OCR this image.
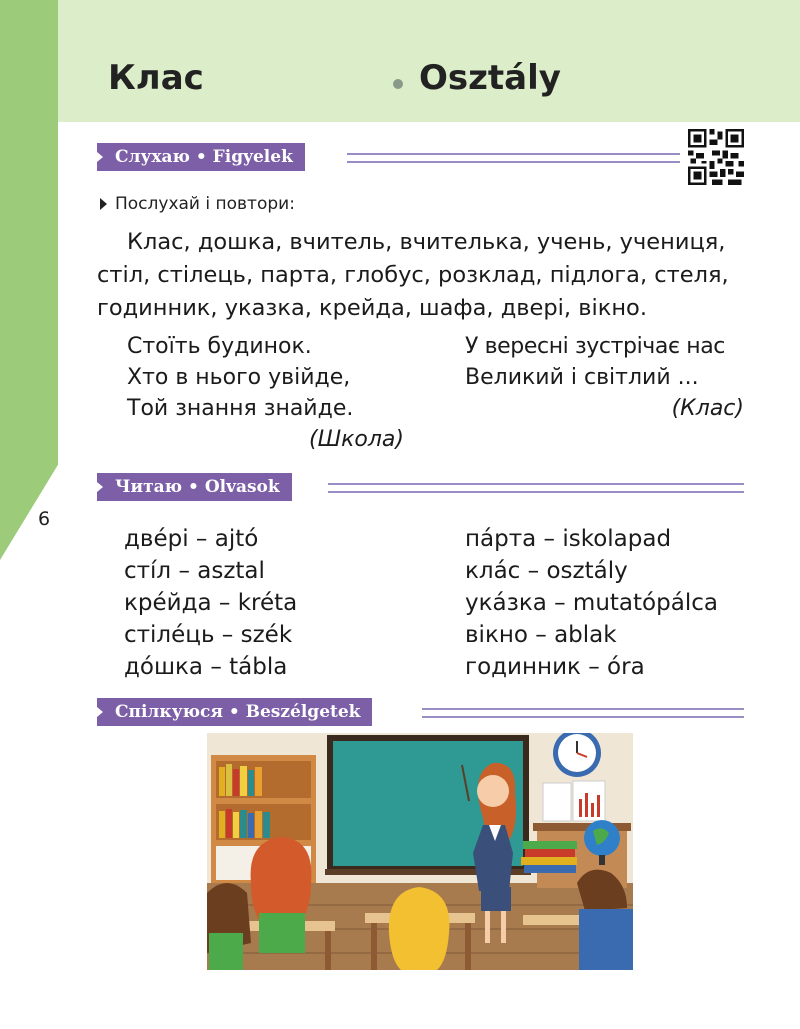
Клас	Osztály
Слухаю • Figyelek
Послухай і повтори:
Клас, дошка, вчитель, вчителька, учень, учениця, стіл, стілець, парта, глобус, розклад, підлога, стеля, годинник, указка, крейда, шафа, двері, вікно.
Стоїть будинок.
Хто в нього увійде,
Той знання знайде.
(Школа)
У вересні зустрічає нас
Великий і світлий ...
(Клас)
Читаю • Olvasok
6
двéрі – ajtó
стíл – asztal
крéйда – kréta
стілéць – szék
дóшка – tábla
пáрта – iskolapad
клáс – osztály
укáзка – mutatópálca
вікно – ablak
годинник – óra
Спілкуюся • Beszélgetek
